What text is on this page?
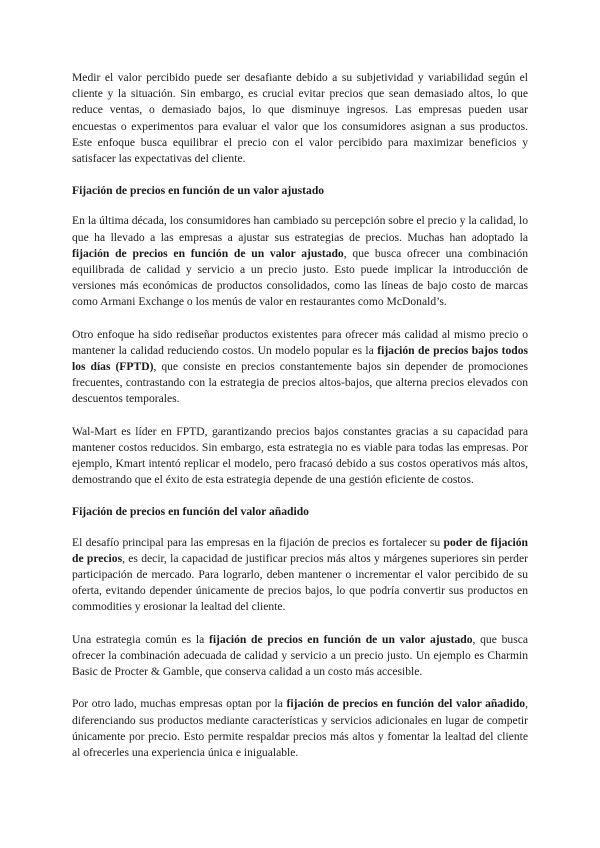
Medir el valor percibido puede ser desafiante debido a su subjetividad y variabilidad según el cliente y la situación. Sin embargo, es crucial evitar precios que sean demasiado altos, lo que reduce ventas, o demasiado bajos, lo que disminuye ingresos. Las empresas pueden usar encuestas o experimentos para evaluar el valor que los consumidores asignan a sus productos. Este enfoque busca equilibrar el precio con el valor percibido para maximizar beneficios y satisfacer las expectativas del cliente.

Fijación de precios en función de un valor ajustado

En la última década, los consumidores han cambiado su percepción sobre el precio y la calidad, lo que ha llevado a las empresas a ajustar sus estrategias de precios. Muchas han adoptado la fijación de precios en función de un valor ajustado, que busca ofrecer una combinación equilibrada de calidad y servicio a un precio justo. Esto puede implicar la introducción de versiones más económicas de productos consolidados, como las líneas de bajo costo de marcas como Armani Exchange o los menús de valor en restaurantes como McDonald’s.

Otro enfoque ha sido rediseñar productos existentes para ofrecer más calidad al mismo precio o mantener la calidad reduciendo costos. Un modelo popular es la fijación de precios bajos todos los días (FPTD), que consiste en precios constantemente bajos sin depender de promociones frecuentes, contrastando con la estrategia de precios altos-bajos, que alterna precios elevados con descuentos temporales.

Wal-Mart es líder en FPTD, garantizando precios bajos constantes gracias a su capacidad para mantener costos reducidos. Sin embargo, esta estrategia no es viable para todas las empresas. Por ejemplo, Kmart intentó replicar el modelo, pero fracasó debido a sus costos operativos más altos, demostrando que el éxito de esta estrategia depende de una gestión eficiente de costos.

Fijación de precios en función del valor añadido

El desafío principal para las empresas en la fijación de precios es fortalecer su poder de fijación de precios, es decir, la capacidad de justificar precios más altos y márgenes superiores sin perder participación de mercado. Para lograrlo, deben mantener o incrementar el valor percibido de su oferta, evitando depender únicamente de precios bajos, lo que podría convertir sus productos en commodities y erosionar la lealtad del cliente.

Una estrategia común es la fijación de precios en función de un valor ajustado, que busca ofrecer la combinación adecuada de calidad y servicio a un precio justo. Un ejemplo es Charmin Basic de Procter & Gamble, que conserva calidad a un costo más accesible.

Por otro lado, muchas empresas optan por la fijación de precios en función del valor añadido, diferenciando sus productos mediante características y servicios adicionales en lugar de competir únicamente por precio. Esto permite respaldar precios más altos y fomentar la lealtad del cliente al ofrecerles una experiencia única e inigualable.
